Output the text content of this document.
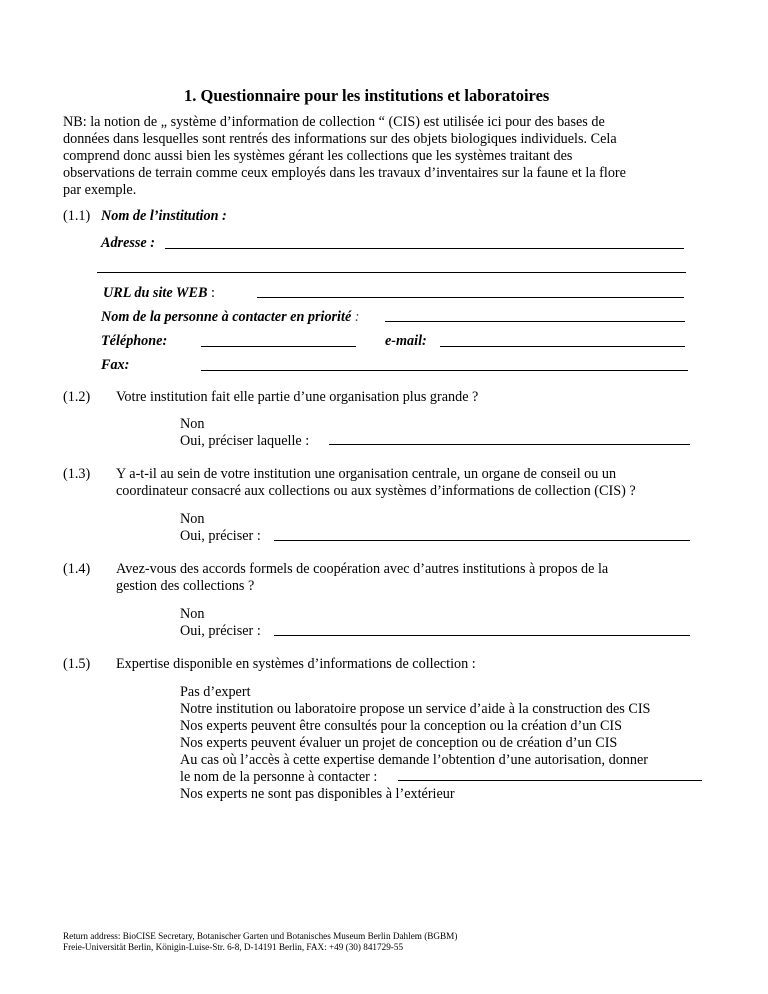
1. Questionnaire pour les institutions et laboratoires
NB: la notion de „ système d’information de collection “ (CIS) est utilisée ici pour des bases de
données dans lesquelles sont rentrés des informations sur des objets biologiques individuels. Cela
comprend donc aussi bien les systèmes gérant les collections que les systèmes traitant des
observations de terrain comme ceux employés dans les travaux d’inventaires sur la faune et la flore
par exemple.
(1.1) Nom de l’institution :
Adresse :
URL du site WEB :
Nom de la personne à contacter en priorité :
Téléphone:	e-mail:
Fax:
(1.2) Votre institution fait elle partie d’une organisation plus grande ?
Non
Oui, préciser laquelle :
(1.3) Y a-t-il au sein de votre institution une organisation centrale, un organe de conseil ou un
coordinateur consacré aux collections ou aux systèmes d’informations de collection (CIS) ?
Non
Oui, préciser :
(1.4) Avez-vous des accords formels de coopération avec d’autres institutions à propos de la
gestion des collections ?
Non
Oui, préciser :
(1.5) Expertise disponible en systèmes d’informations de collection :
Pas d’expert
Notre institution ou laboratoire propose un service d’aide à la construction des CIS
Nos experts peuvent être consultés pour la conception ou la création d’un CIS
Nos experts peuvent évaluer un projet de conception ou de création d’un CIS
Au cas où l’accès à cette expertise demande l’obtention d’une autorisation, donner
le nom de la personne à contacter :
Nos experts ne sont pas disponibles à l’extérieur
Return address: BioCISE Secretary, Botanischer Garten und Botanisches Museum Berlin Dahlem (BGBM)
Freie-Universität Berlin, Königin-Luise-Str. 6-8, D-14191 Berlin, FAX: +49 (30) 841729-55
